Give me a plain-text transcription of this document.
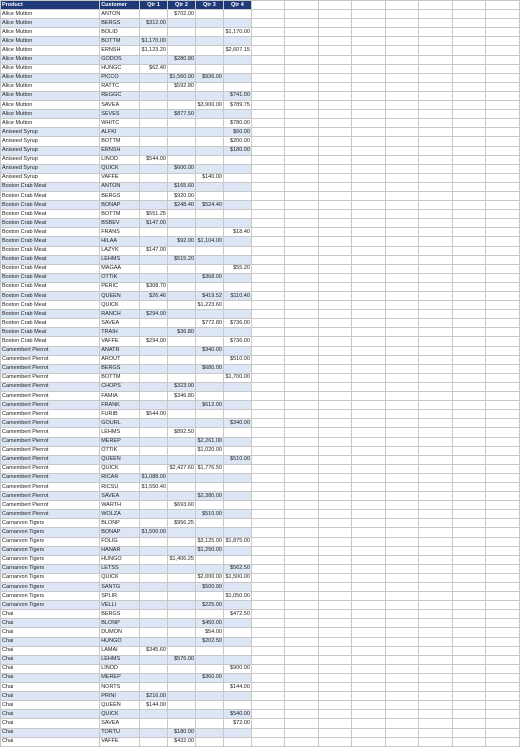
Product	Customer	Qtr 1	Qtr 2	Qtr 3	Qtr 4								
Alice Mutton	ANTON		$702.00										
Alice Mutton	BERGS	$312.00											
Alice Mutton	BOLID				$1,170.00								
Alice Mutton	BOTTM	$1,170.00											
Alice Mutton	ERNSH	$1,123.20			$2,607.15								
Alice Mutton	GODOS		$280.80										
Alice Mutton	HUNGC	$62.40											
Alice Mutton	PICCO		$1,560.00	$936.00									
Alice Mutton	RATTC		$592.80										
Alice Mutton	REGGC				$741.00								
Alice Mutton	SAVEA			$3,900.00	$789.75								
Alice Mutton	SEVES		$877.50										
Alice Mutton	WHITC				$780.00								
Aniseed Syrup	ALFKI				$60.00								
Aniseed Syrup	BOTTM				$200.00								
Aniseed Syrup	ERNSH				$180.00								
Aniseed Syrup	LINOD	$544.00											
Aniseed Syrup	QUICK		$600.00										
Aniseed Syrup	VAFFE			$140.00									
Boston Crab Meat	ANTON		$165.60										
Boston Crab Meat	BERGS		$920.00										
Boston Crab Meat	BONAP		$248.40	$524.40									
Boston Crab Meat	BOTTM	$551.25											
Boston Crab Meat	BSBEV	$147.00											
Boston Crab Meat	FRANS				$18.40								
Boston Crab Meat	HILAA		$92.00	$1,104.00									
Boston Crab Meat	LAZYK	$147.00											
Boston Crab Meat	LEHMS		$515.20										
Boston Crab Meat	MAGAA				$55.20								
Boston Crab Meat	OTTIK			$368.00									
Boston Crab Meat	PERIC	$308.70											
Boston Crab Meat	QUEEN	$26.46		$419.52	$110.40								
Boston Crab Meat	QUICK			$1,223.60									
Boston Crab Meat	RANCH	$294.00											
Boston Crab Meat	SAVEA			$772.80	$736.00								
Boston Crab Meat	TRAIH		$36.80										
Boston Crab Meat	VAFFE	$294.00			$736.00								
Camembert Pierrot	ANATR			$340.00									
Camembert Pierrot	AROUT				$510.00								
Camembert Pierrot	BERGS			$680.00									
Camembert Pierrot	BOTTM				$1,700.00								
Camembert Pierrot	CHOPS		$323.00										
Camembert Pierrot	FAMIA		$346.80										
Camembert Pierrot	FRANK			$612.00									
Camembert Pierrot	FURIB	$544.00											
Camembert Pierrot	GOURL				$340.00								
Camembert Pierrot	LEHMS		$892.50										
Camembert Pierrot	MEREP			$2,261.00									
Camembert Pierrot	OTTIK			$1,020.00									
Camembert Pierrot	QUEEN				$510.00								
Camembert Pierrot	QUICK		$2,427.60	$1,776.50									
Camembert Pierrot	RICAR	$1,088.00											
Camembert Pierrot	RICSU	$1,550.40											
Camembert Pierrot	SAVEA			$2,380.00									
Camembert Pierrot	WARTH		$693.60										
Camembert Pierrot	WOLZA			$510.00									
Carnarvon Tigers	BLONP		$956.25										
Carnarvon Tigers	BONAP	$1,500.00											
Carnarvon Tigers	FOLIG			$3,125.00	$1,875.00								
Carnarvon Tigers	HANAR			$1,250.00									
Carnarvon Tigers	HUNGO		$1,406.25										
Carnarvon Tigers	LETSS				$562.50								
Carnarvon Tigers	QUICK			$2,000.00	$1,500.00								
Carnarvon Tigers	SANTG			$500.00									
Carnarvon Tigers	SPLIR				$1,050.00								
Carnarvon Tigers	VELLI			$225.00									
Chai	BERGS				$472.50								
Chai	BLONP			$450.00									
Chai	DUMON			$54.00									
Chai	HUNGO			$202.50									
Chai	LAMAI	$345.60											
Chai	LEHMS		$576.00										
Chai	LINOD				$900.00								
Chai	MEREP			$360.00									
Chai	NORTS				$144.00								
Chai	PRINI	$216.00											
Chai	QUEEN	$144.00											
Chai	QUICK				$540.00								
Chai	SAVEA				$72.00								
Chai	TORTU		$180.00										
Chai	VAFFE		$432.00										
